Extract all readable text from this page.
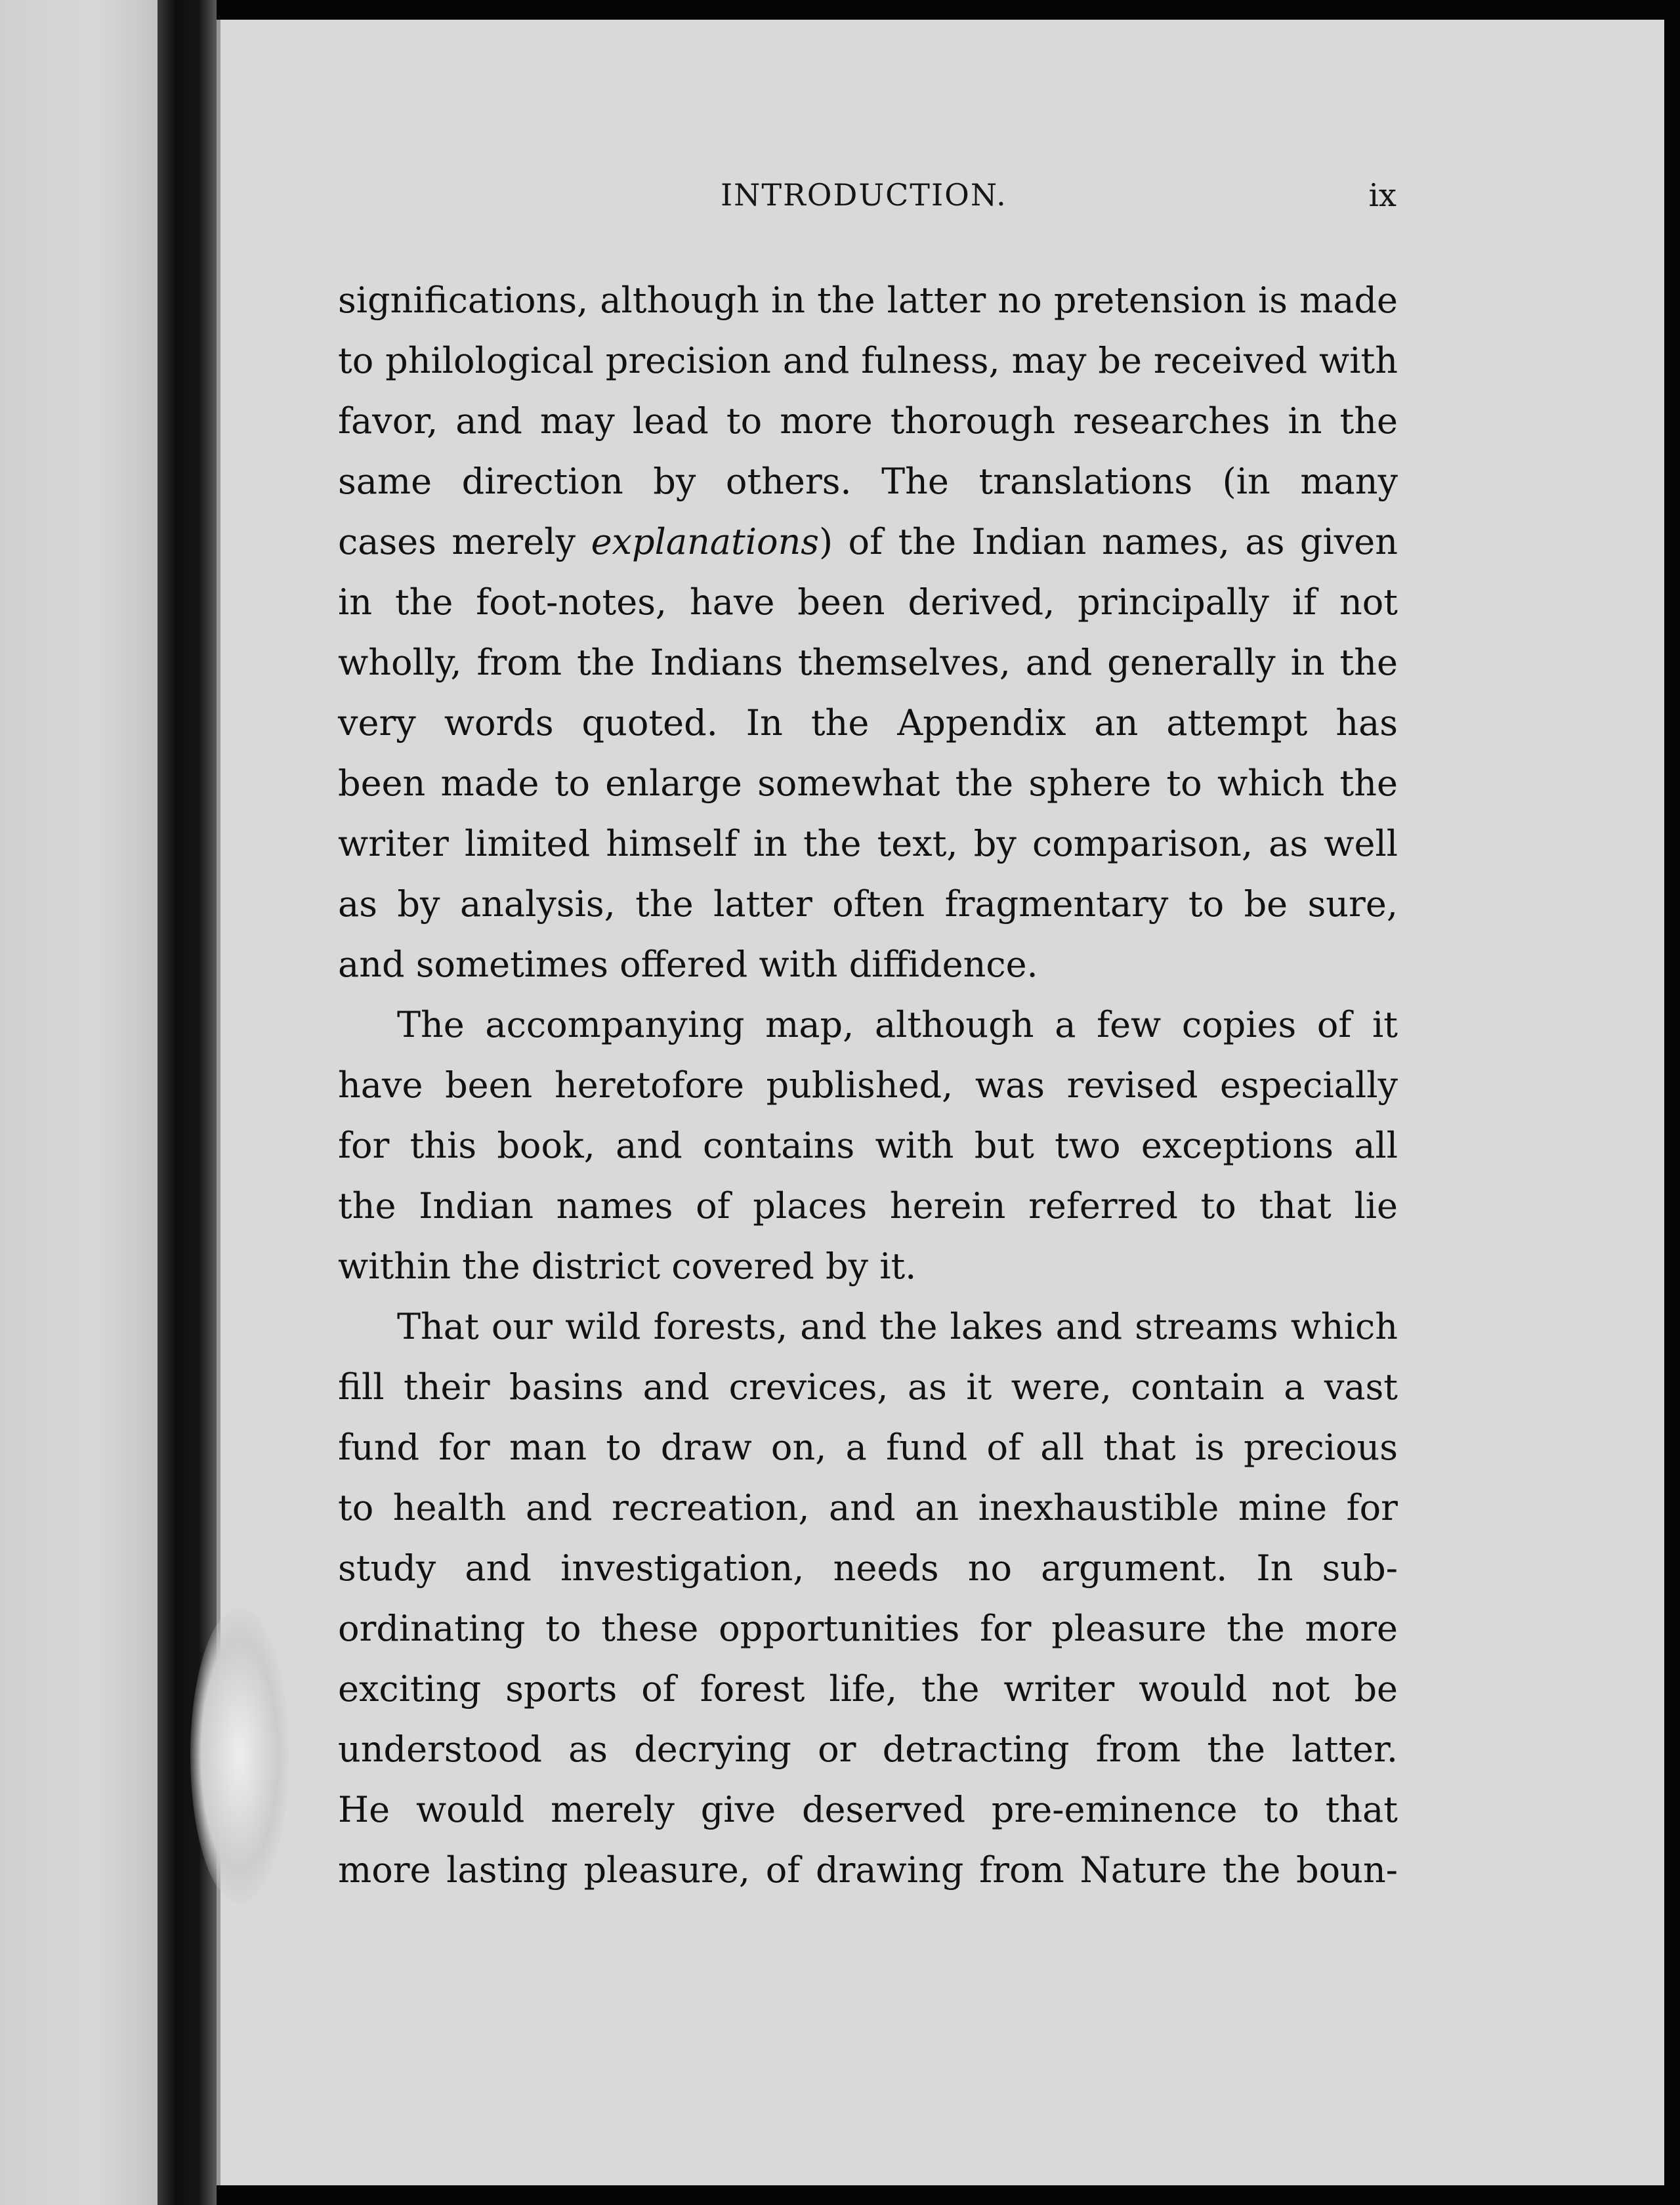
INTRODUCTION.	ix
significations, although in the latter no pretension is made
to philological precision and fulness, may be received with
favor, and may lead to more thorough researches in the
same direction by others. The translations (in many
cases merely explanations) of the Indian names, as given
in the foot-notes, have been derived, principally if not
wholly, from the Indians themselves, and generally in the
very words quoted. In the Appendix an attempt has
been made to enlarge somewhat the sphere to which the
writer limited himself in the text, by comparison, as well
as by analysis, the latter often fragmentary to be sure,
and sometimes offered with diffidence.
The accompanying map, although a few copies of it
have been heretofore published, was revised especially
for this book, and contains with but two exceptions all
the Indian names of places herein referred to that lie
within the district covered by it.
That our wild forests, and the lakes and streams which
fill their basins and crevices, as it were, contain a vast
fund for man to draw on, a fund of all that is precious
to health and recreation, and an inexhaustible mine for
study and investigation, needs no argument. In sub-
ordinating to these opportunities for pleasure the more
exciting sports of forest life, the writer would not be
understood as decrying or detracting from the latter.
He would merely give deserved pre-eminence to that
more lasting pleasure, of drawing from Nature the boun-
